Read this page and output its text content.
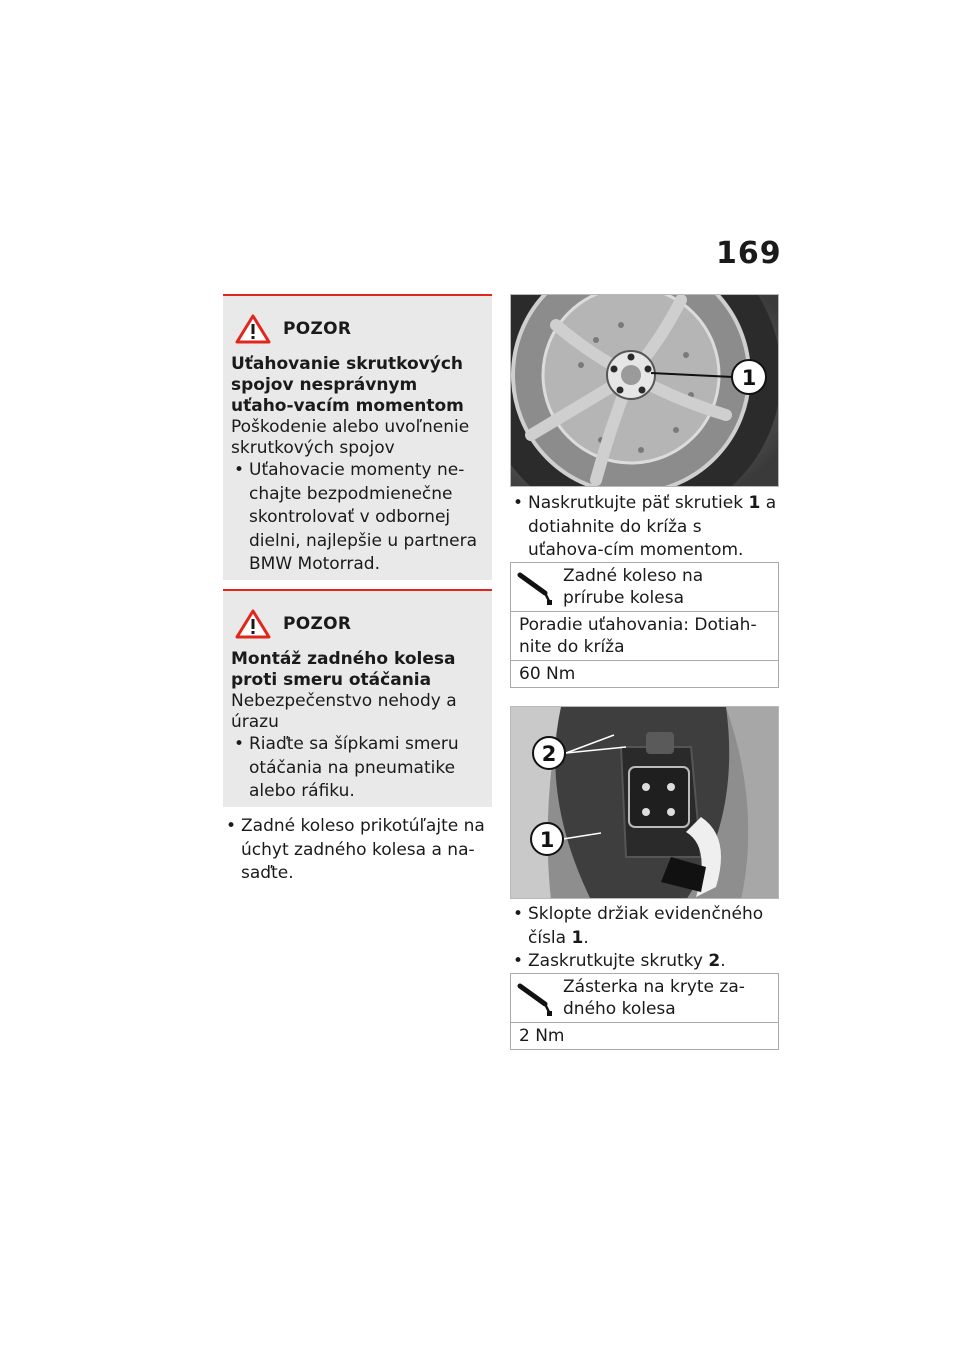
169
POZOR
Uťahovanie skrutkových spojov nesprávnym uťaho-vacím momentom
Poškodenie alebo uvoľnenie skrutkových spojov
• Uťahovacie momenty ne-chajte bezpodmienečne skontrolovať v odbornej dielni, najlepšie u partnera BMW Motorrad.
POZOR
Montáž zadného kolesa proti smeru otáčania
Nebezpečenstvo nehody a úrazu
• Riaďte sa šípkami smeru otáčania na pneumatike alebo ráfiku.
• Zadné koleso prikotúľajte na úchyt zadného kolesa a na-saďte.
1
• Naskrutkujte päť skrutiek 1 a dotiahnite do kríža s uťahova-cím momentom.
Zadné koleso na prírube kolesa
Poradie uťahovania: Dotiah-nite do kríža
60 Nm
2
1
• Sklopte držiak evidenčného čísla 1.
• Zaskrutkujte skrutky 2.
Zásterka na kryte za-dného kolesa
2 Nm
